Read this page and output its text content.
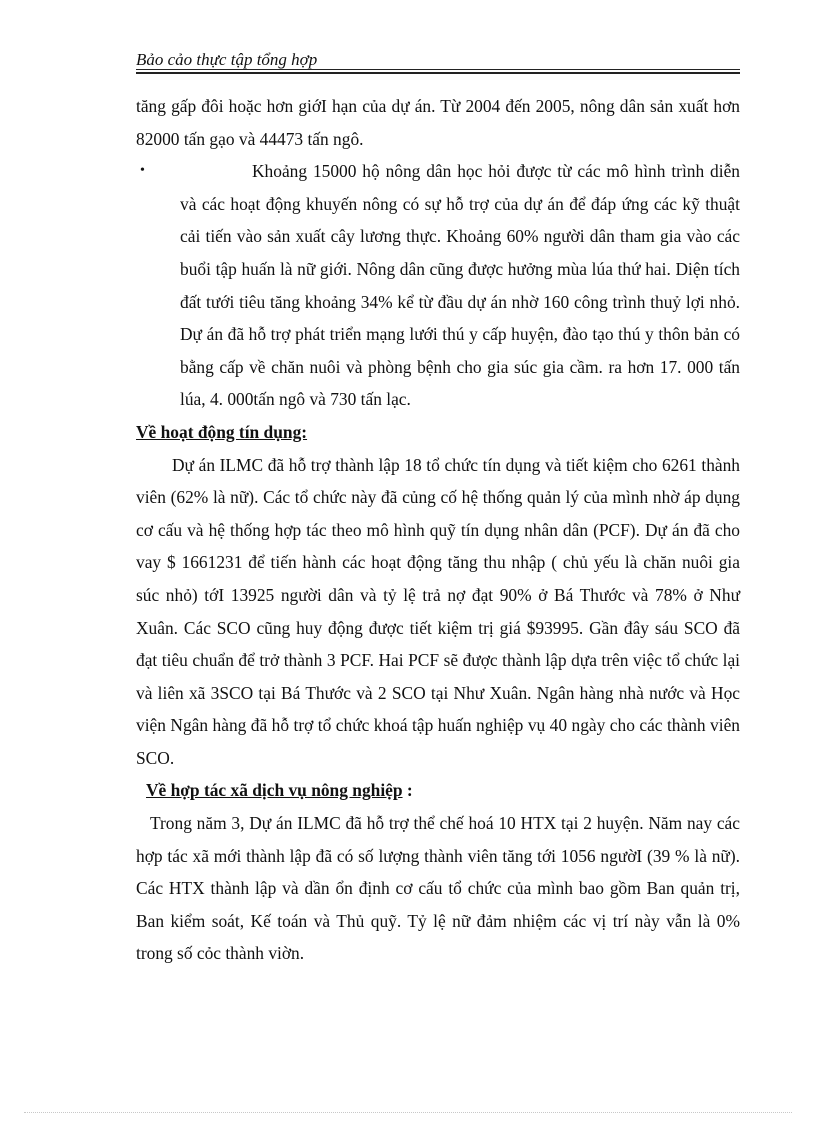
Bảo cảo thực tập tổng hợp

tăng gấp đôi hoặc hơn giớI hạn của dự án. Từ 2004 đến 2005, nông dân sản xuất hơn 82000 tấn gạo và 44473 tấn ngô.

•	Khoảng 15000 hộ nông dân học hỏi được từ các mô hình trình diễn và các hoạt động khuyến nông có sự hỗ trợ của dự án để đáp ứng các kỹ thuật cải tiến vào sản xuất cây lương thực. Khoảng 60% người dân tham gia vào các buổi tập huấn là nữ giới. Nông dân cũng được hưởng mùa lúa thứ hai. Diện tích đất tưới tiêu tăng khoảng 34% kể từ đầu dự án nhờ 160 công trình thuỷ lợi nhỏ. Dự án đã hỗ trợ phát triển mạng lưới thú y cấp huyện, đào tạo thú y thôn bản có bằng cấp về chăn nuôi và phòng bệnh cho gia súc gia cầm. ra hơn 17. 000 tấn lúa, 4. 000tấn ngô và 730 tấn lạc.

Về hoạt động tín dụng:

Dự án ILMC đã hỗ trợ thành lập 18 tổ chức tín dụng và tiết kiệm cho 6261 thành viên (62% là nữ). Các tổ chức này đã củng cố hệ thống quản lý của mình nhờ áp dụng cơ cấu và hệ thống hợp tác theo mô hình quỹ tín dụng nhân dân (PCF). Dự án đã cho vay $ 1661231 để tiến hành các hoạt động tăng thu nhập ( chủ yếu là chăn nuôi gia súc nhỏ) tớI 13925 người dân và tỷ lệ trả nợ đạt 90% ở Bá Thước và 78% ở Như Xuân. Các SCO cũng huy động được tiết kiệm trị giá $93995. Gần đây sáu SCO đã đạt tiêu chuẩn để trở thành 3 PCF. Hai PCF sẽ được thành lập dựa trên việc tổ chức lại và liên xã 3SCO tại Bá Thước và 2 SCO tại Như Xuân. Ngân hàng nhà nước và Học viện Ngân hàng đã hỗ trợ tổ chức khoá tập huấn nghiệp vụ 40 ngày cho các thành viên SCO.

Về hợp tác xã dịch vụ nông nghiệp :

Trong năm 3, Dự án ILMC đã hỗ trợ thể chế hoá 10 HTX tại 2 huyện. Năm nay các hợp tác xã mới thành lập đã có số lượng thành viên tăng tới 1056 ngườI (39 % là nữ). Các HTX thành lập và dần ổn định cơ cấu tổ chức của mình bao gồm Ban quản trị, Ban kiểm soát, Kế toán và Thủ quỹ. Tỷ lệ nữ đảm nhiệm các vị trí này vẫn là 0% trong số cỏc thành viờn.
